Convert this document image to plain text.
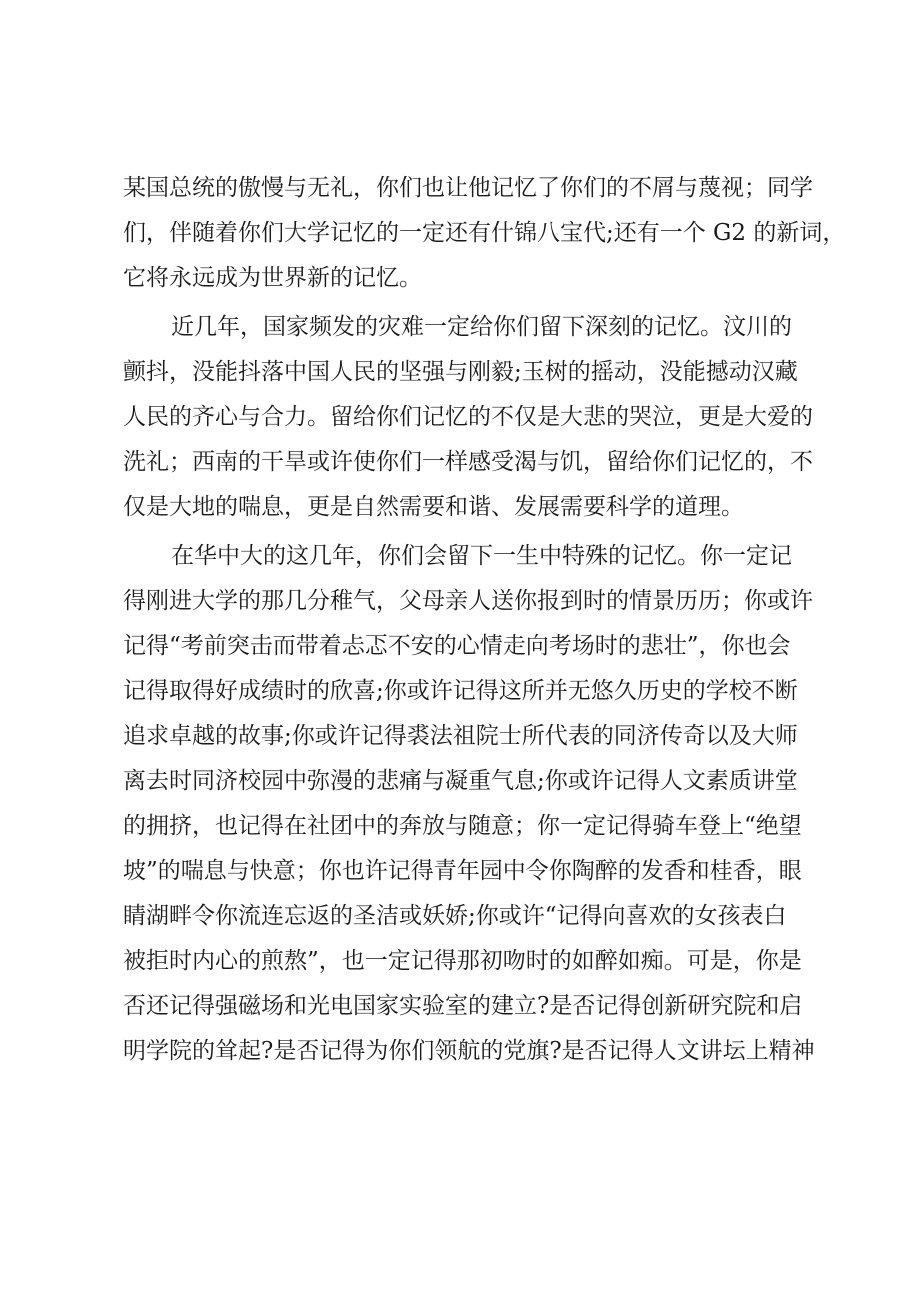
某国总统的傲慢与无礼，你们也让他记忆了你们的不屑与蔑视；同学
们，伴随着你们大学记忆的一定还有什锦八宝代;还有一个 G2 的新词，
它将永远成为世界新的记忆。
近几年，国家频发的灾难一定给你们留下深刻的记忆。汶川的
颤抖，没能抖落中国人民的坚强与刚毅;玉树的摇动，没能撼动汉藏
人民的齐心与合力。留给你们记忆的不仅是大悲的哭泣，更是大爱的
洗礼；西南的干旱或许使你们一样感受渴与饥，留给你们记忆的，不
仅是大地的喘息，更是自然需要和谐、发展需要科学的道理。
在华中大的这几年，你们会留下一生中特殊的记忆。你一定记
得刚进大学的那几分稚气，父母亲人送你报到时的情景历历；你或许
记得“考前突击而带着忐忑不安的心情走向考场时的悲壮”，你也会
记得取得好成绩时的欣喜;你或许记得这所并无悠久历史的学校不断
追求卓越的故事;你或许记得裘法祖院士所代表的同济传奇以及大师
离去时同济校园中弥漫的悲痛与凝重气息;你或许记得人文素质讲堂
的拥挤，也记得在社团中的奔放与随意；你一定记得骑车登上“绝望
坡”的喘息与快意；你也许记得青年园中令你陶醉的发香和桂香，眼
睛湖畔令你流连忘返的圣洁或妖娇;你或许“记得向喜欢的女孩表白
被拒时内心的煎熬”，也一定记得那初吻时的如醉如痴。可是，你是
否还记得强磁场和光电国家实验室的建立?是否记得创新研究院和启
明学院的耸起?是否记得为你们领航的党旗?是否记得人文讲坛上精神
